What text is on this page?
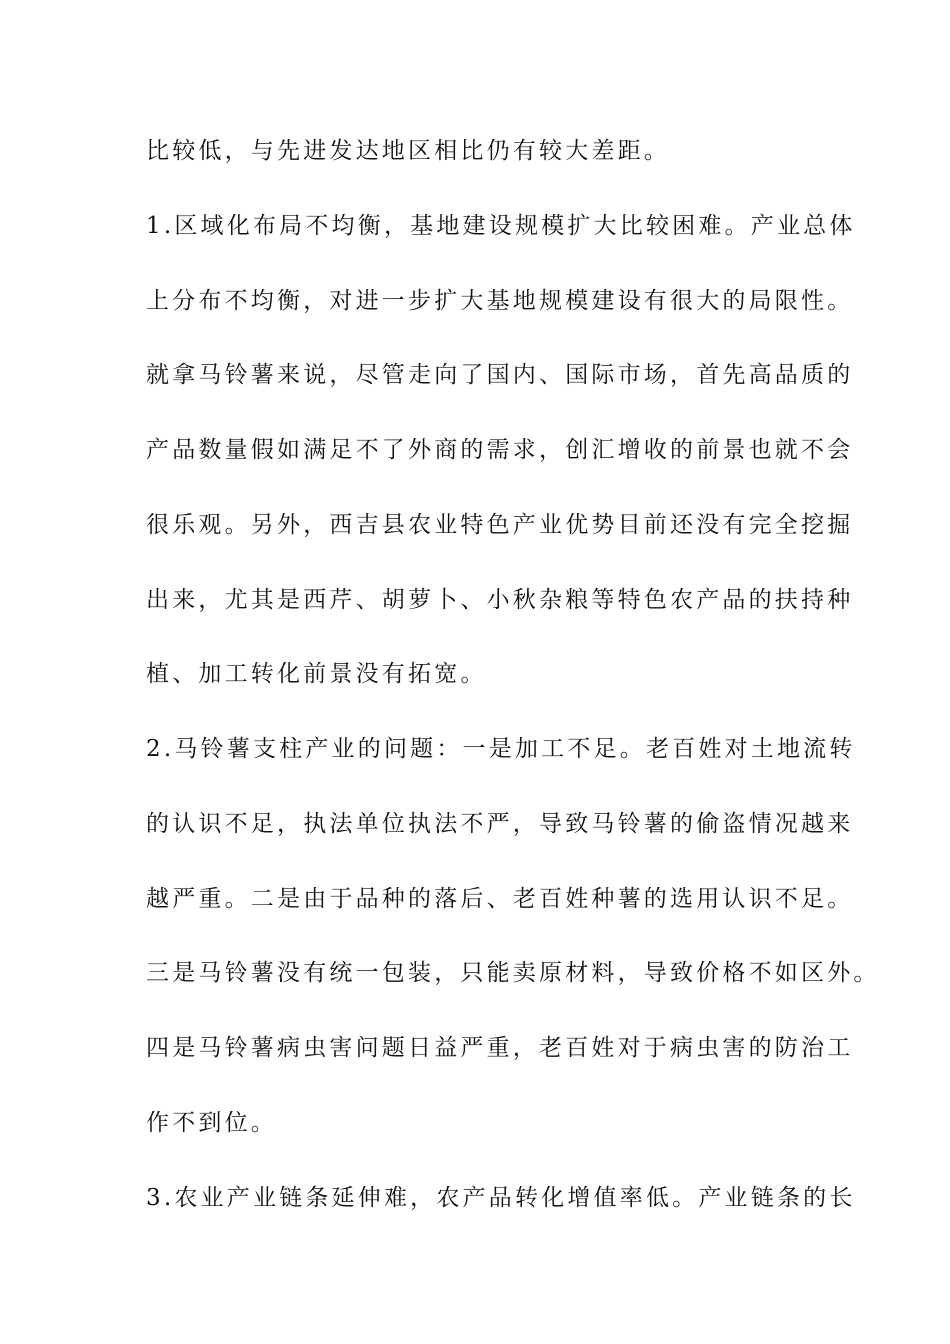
比较低，与先进发达地区相比仍有较大差距。
1.区域化布局不均衡，基地建设规模扩大比较困难。产业总体
上分布不均衡，对进一步扩大基地规模建设有很大的局限性。
就拿马铃薯来说，尽管走向了国内、国际市场，首先高品质的
产品数量假如满足不了外商的需求，创汇增收的前景也就不会
很乐观。另外，西吉县农业特色产业优势目前还没有完全挖掘
出来，尤其是西芹、胡萝卜、小秋杂粮等特色农产品的扶持种
植、加工转化前景没有拓宽。
2.马铃薯支柱产业的问题：一是加工不足。老百姓对土地流转
的认识不足，执法单位执法不严，导致马铃薯的偷盗情况越来
越严重。二是由于品种的落后、老百姓种薯的选用认识不足。
三是马铃薯没有统一包装，只能卖原材料，导致价格不如区外。
四是马铃薯病虫害问题日益严重，老百姓对于病虫害的防治工
作不到位。
3.农业产业链条延伸难，农产品转化增值率低。产业链条的长
